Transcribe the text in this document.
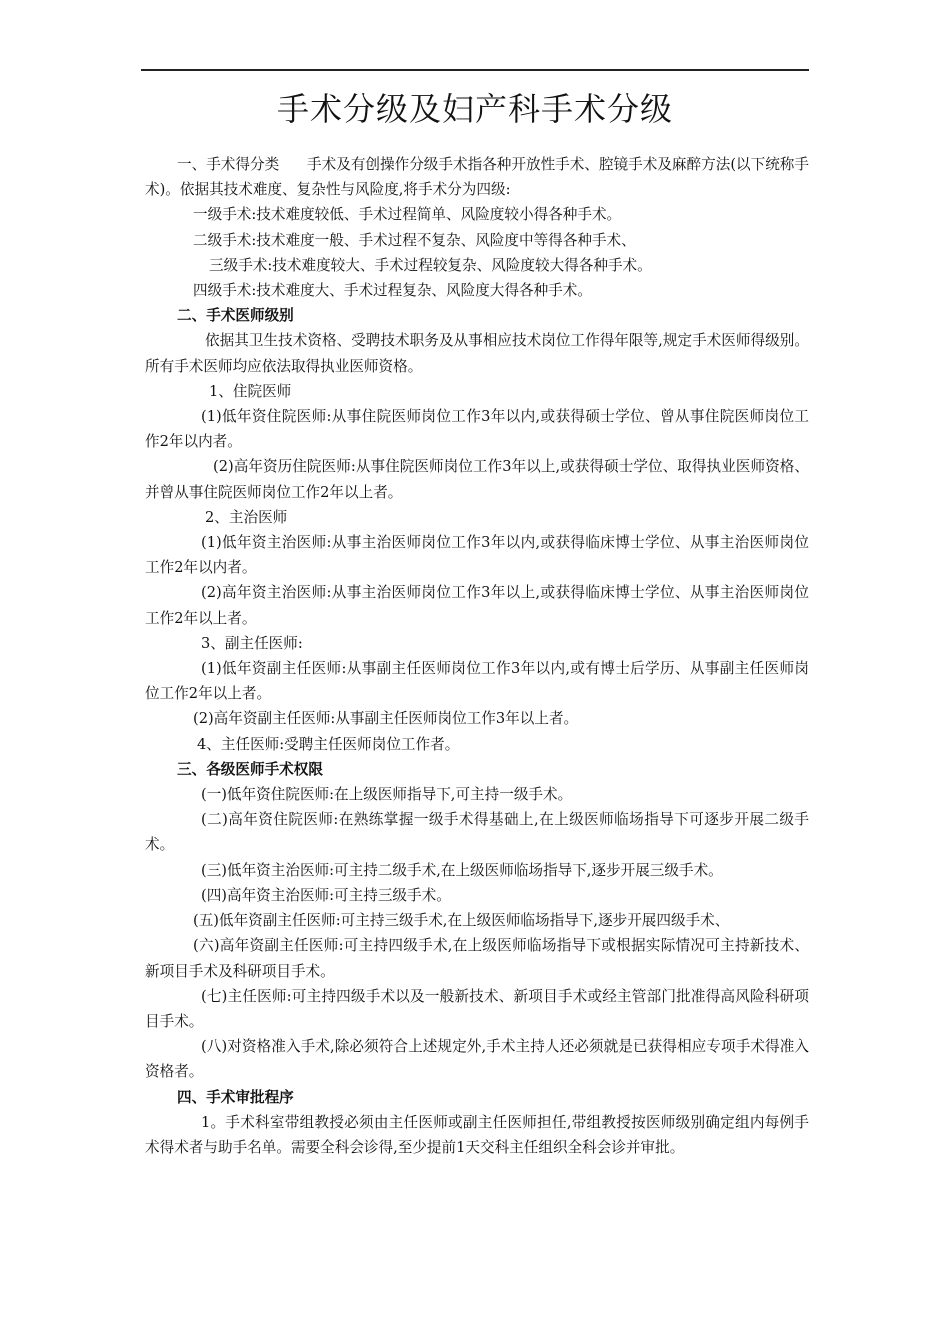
手术分级及妇产科手术分级

一、手术得分类      手术及有创操作分级手术指各种开放性手术、腔镜手术及麻醉方法(以下统称手术)。依据其技术难度、复杂性与风险度,将手术分为四级:

一级手术:技术难度较低、手术过程简单、风险度较小得各种手术。

二级手术:技术难度一般、手术过程不复杂、风险度中等得各种手术、

三级手术:技术难度较大、手术过程较复杂、风险度较大得各种手术。

四级手术:技术难度大、手术过程复杂、风险度大得各种手术。

二、手术医师级别

依据其卫生技术资格、受聘技术职务及从事相应技术岗位工作得年限等,规定手术医师得级别。所有手术医师均应依法取得执业医师资格。

1、住院医师

(1)低年资住院医师:从事住院医师岗位工作3年以内,或获得硕士学位、曾从事住院医师岗位工作2年以内者。

(2)高年资历住院医师:从事住院医师岗位工作3年以上,或获得硕士学位、取得执业医师资格、并曾从事住院医师岗位工作2年以上者。

2、主治医师

(1)低年资主治医师:从事主治医师岗位工作3年以内,或获得临床博士学位、从事主治医师岗位工作2年以内者。

(2)高年资主治医师:从事主治医师岗位工作3年以上,或获得临床博士学位、从事主治医师岗位工作2年以上者。

3、副主任医师:

(1)低年资副主任医师:从事副主任医师岗位工作3年以内,或有博士后学历、从事副主任医师岗位工作2年以上者。

(2)高年资副主任医师:从事副主任医师岗位工作3年以上者。

4、主任医师:受聘主任医师岗位工作者。

三、各级医师手术权限

(一)低年资住院医师:在上级医师指导下,可主持一级手术。

(二)高年资住院医师:在熟练掌握一级手术得基础上,在上级医师临场指导下可逐步开展二级手术。

(三)低年资主治医师:可主持二级手术,在上级医师临场指导下,逐步开展三级手术。

(四)高年资主治医师:可主持三级手术。

(五)低年资副主任医师:可主持三级手术,在上级医师临场指导下,逐步开展四级手术、

(六)高年资副主任医师:可主持四级手术,在上级医师临场指导下或根据实际情况可主持新技术、新项目手术及科研项目手术。

(七)主任医师:可主持四级手术以及一般新技术、新项目手术或经主管部门批准得高风险科研项目手术。

(八)对资格准入手术,除必须符合上述规定外,手术主持人还必须就是已获得相应专项手术得准入资格者。

四、手术审批程序

1。手术科室带组教授必须由主任医师或副主任医师担任,带组教授按医师级别确定组内每例手术得术者与助手名单。需要全科会诊得,至少提前1天交科主任组织全科会诊并审批。
